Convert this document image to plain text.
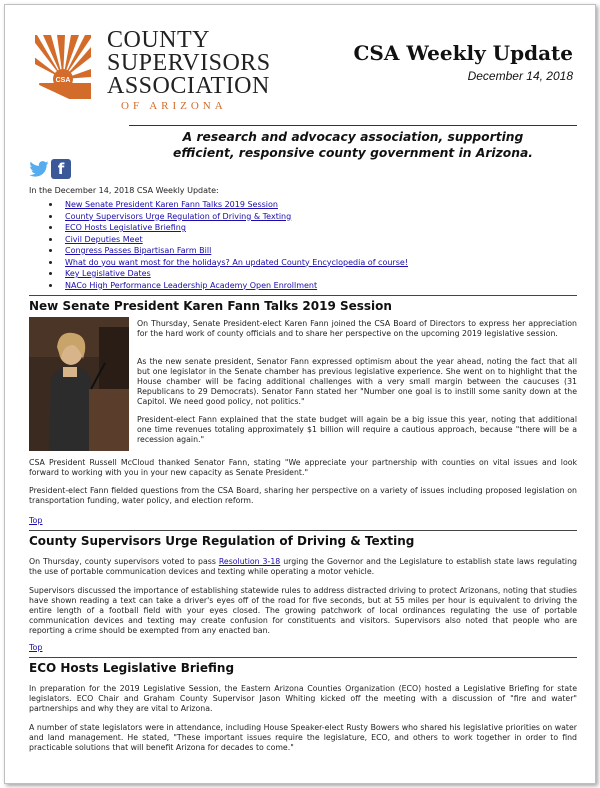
CSA
COUNTY
SUPERVISORS
ASSOCIATION
OF ARIZONA
CSA Weekly Update
December 14, 2018
A research and advocacy association, supporting
efficient, responsive county government in Arizona.
f
In the December 14, 2018 CSA Weekly Update:
New Senate President Karen Fann Talks 2019 Session
County Supervisors Urge Regulation of Driving & Texting
ECO Hosts Legislative Briefing
Civil Deputies Meet
Congress Passes Bipartisan Farm Bill
What do you want most for the holidays? An updated County Encyclopedia of course!
Key Legislative Dates
NACo High Performance Leadership Academy Open Enrollment
New Senate President Karen Fann Talks 2019 Session
On Thursday, Senate President-elect Karen Fann joined the CSA Board of Directors to express her appreciation for the hard work of county officials and to share her perspective on the upcoming 2019 legislative session.
As the new senate president, Senator Fann expressed optimism about the year ahead, noting the fact that all but one legislator in the Senate chamber has previous legislative experience. She went on to highlight that the House chamber will be facing additional challenges with a very small margin between the caucuses (31 Republicans to 29 Democrats). Senator Fann stated her "Number one goal is to instill some sanity down at the Capitol. We need good policy, not politics."
President-elect Fann explained that the state budget will again be a big issue this year, noting that additional one time revenues totaling approximately $1 billion will require a cautious approach, because "there will be a recession again."
CSA President Russell McCloud thanked Senator Fann, stating "We appreciate your partnership with counties on vital issues and look forward to working with you in your new capacity as Senate President."
President-elect Fann fielded questions from the CSA Board, sharing her perspective on a variety of issues including proposed legislation on transportation funding, water policy, and election reform.
Top
County Supervisors Urge Regulation of Driving & Texting
On Thursday, county supervisors voted to pass Resolution 3-18 urging the Governor and the Legislature to establish state laws regulating the use of portable communication devices and texting while operating a motor vehicle.
Supervisors discussed the importance of establishing statewide rules to address distracted driving to protect Arizonans, noting that studies have shown reading a text can take a driver's eyes off of the road for five seconds, but at 55 miles per hour is equivalent to driving the entire length of a football field with your eyes closed. The growing patchwork of local ordinances regulating the use of portable communication devices and texting may create confusion for constituents and visitors. Supervisors also noted that people who are reporting a crime should be exempted from any enacted ban.
Top
ECO Hosts Legislative Briefing
In preparation for the 2019 Legislative Session, the Eastern Arizona Counties Organization (ECO) hosted a Legislative Briefing for state legislators. ECO Chair and Graham County Supervisor Jason Whiting kicked off the meeting with a discussion of "fire and water" partnerships and why they are vital to Arizona.
A number of state legislators were in attendance, including House Speaker-elect Rusty Bowers who shared his legislative priorities on water and land management. He stated, "These important issues require the legislature, ECO, and others to work together in order to find practicable solutions that will benefit Arizona for decades to come."
